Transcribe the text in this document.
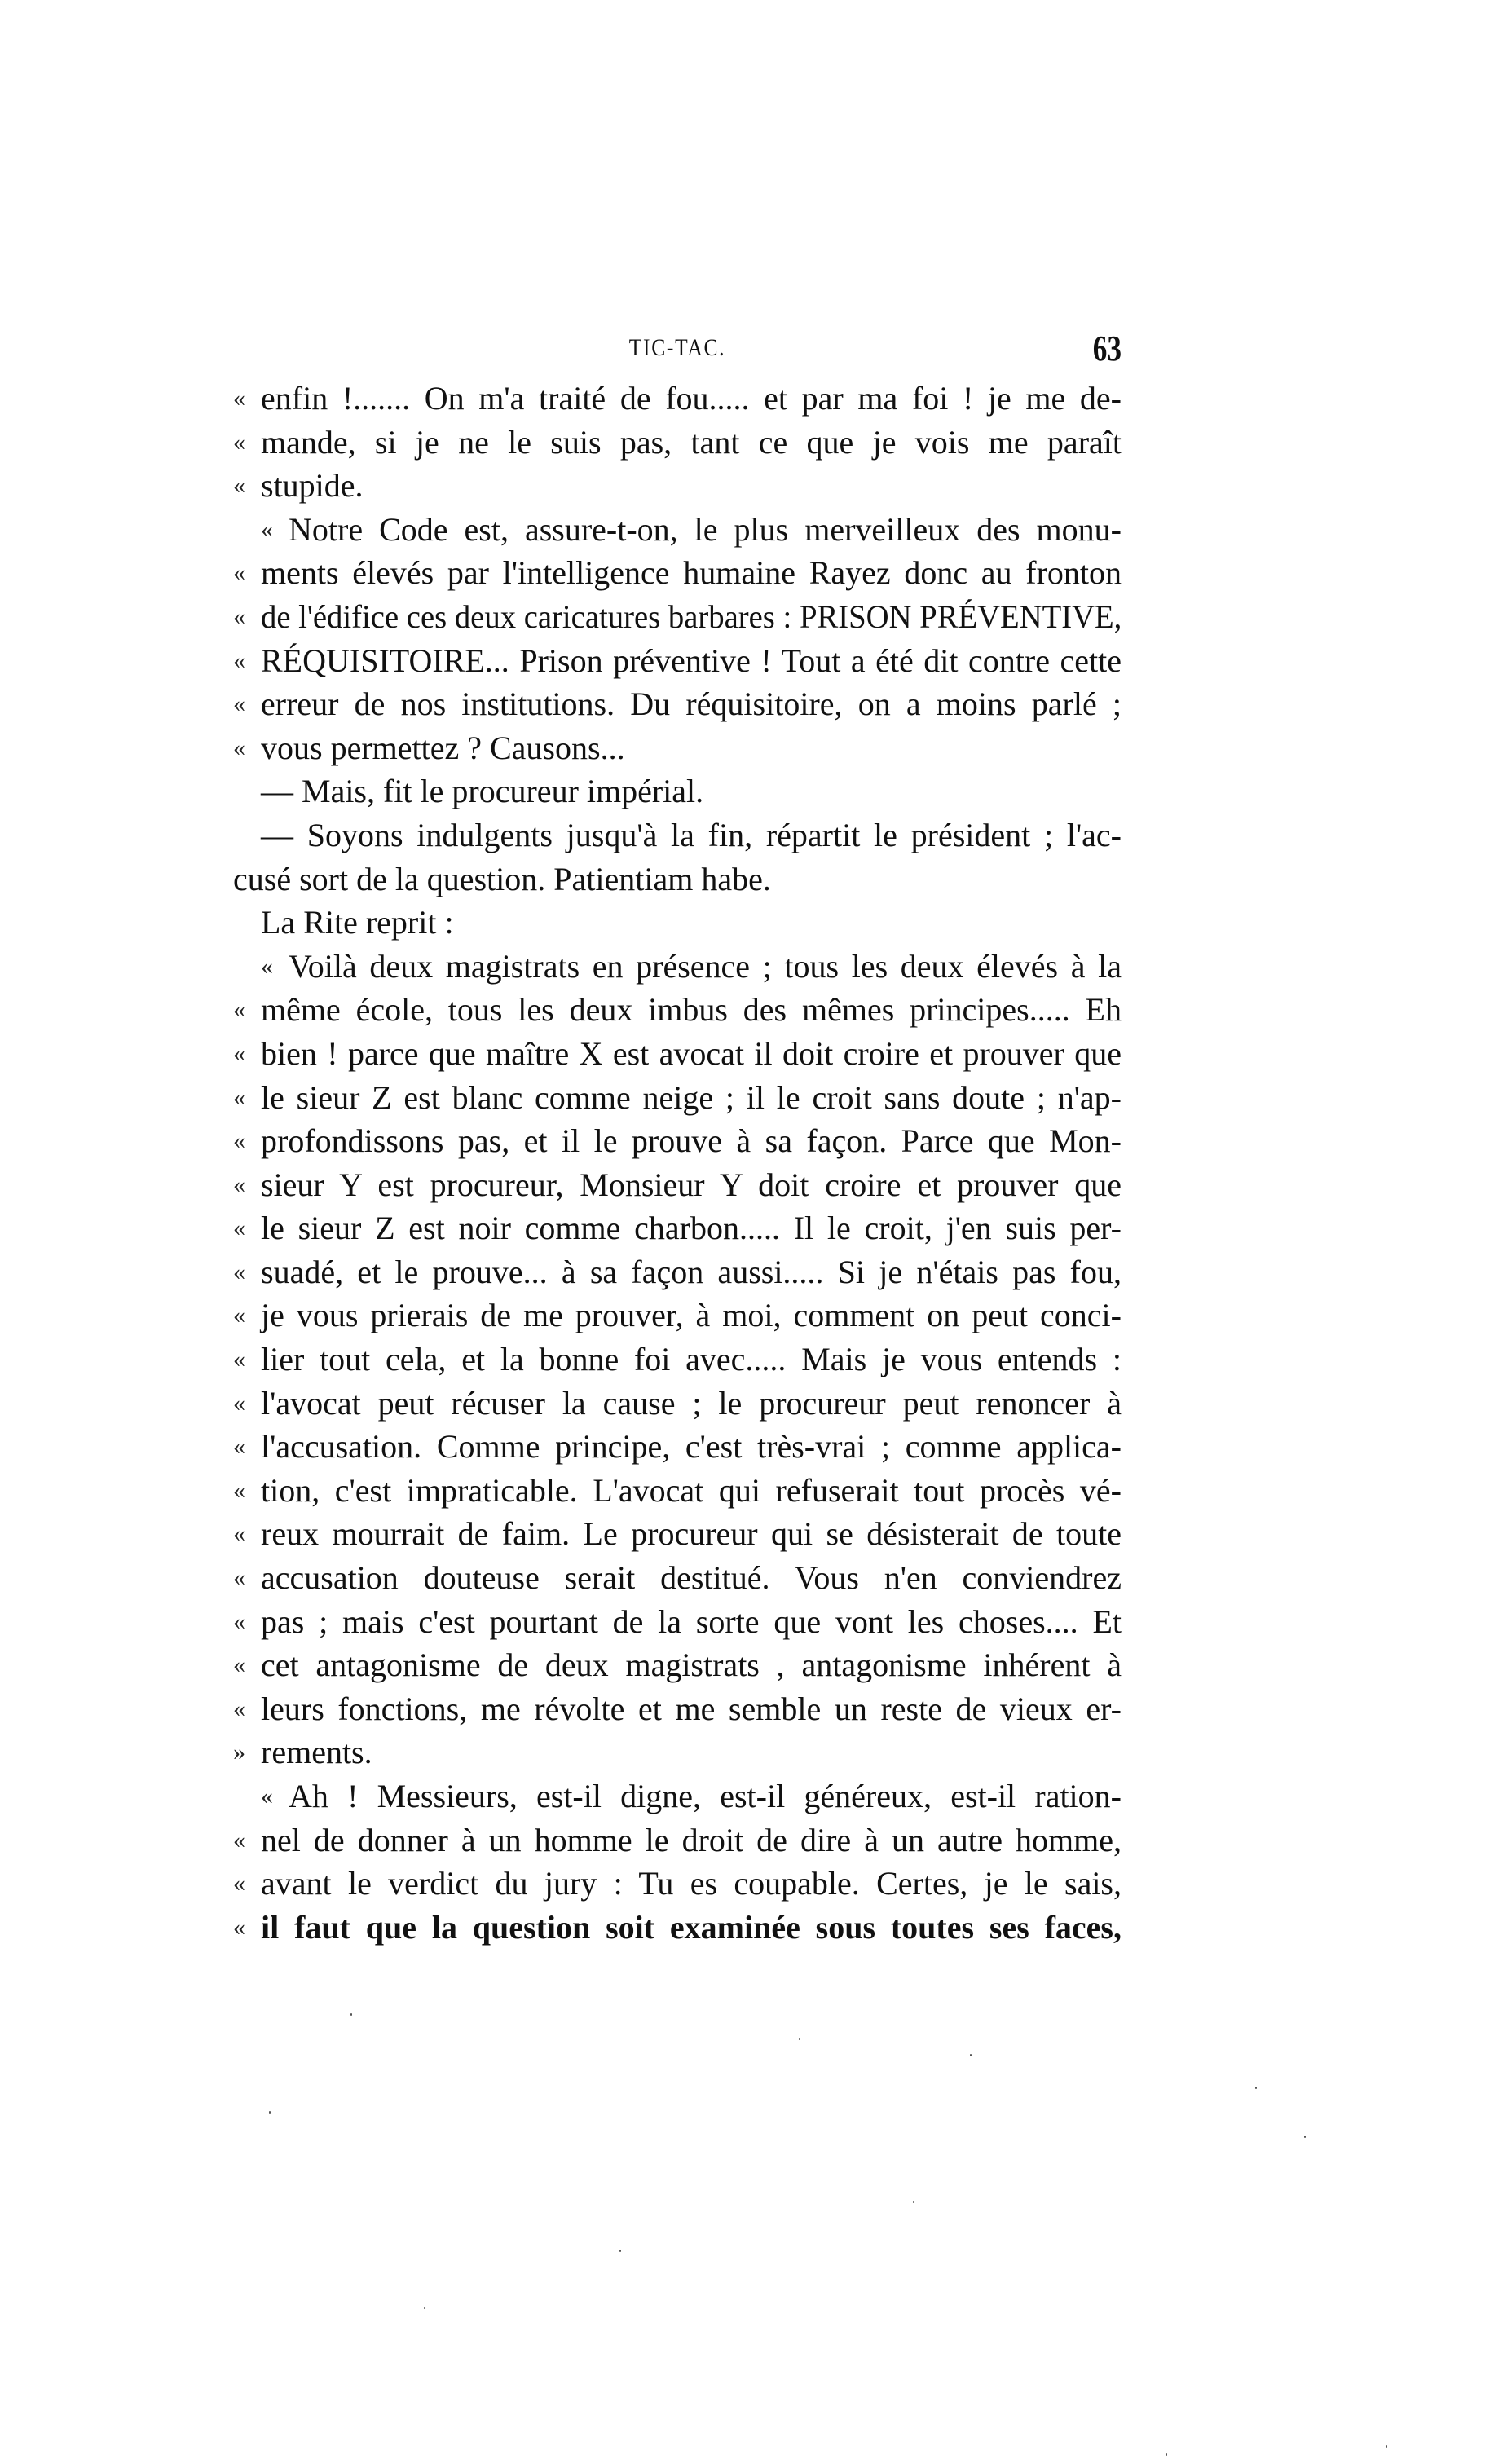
TIC-TAC.	63
« enfin !....... On m'a traité de fou..... et par ma foi ! je me de-
« mande, si je ne le suis pas, tant ce que je vois me paraît
« stupide.
« Notre Code est, assure-t-on, le plus merveilleux des monu-
« ments élevés par l'intelligence humaine Rayez donc au fronton
« de l'édifice ces deux caricatures barbares : PRISON PRÉVENTIVE,
« RÉQUISITOIRE... Prison préventive ! Tout a été dit contre cette
« erreur de nos institutions. Du réquisitoire, on a moins parlé ;
« vous permettez ? Causons...
— Mais, fit le procureur impérial.
— Soyons indulgents jusqu'à la fin, répartit le président ; l'ac-
cusé sort de la question. Patientiam habe.
La Rite reprit :
« Voilà deux magistrats en présence ; tous les deux élevés à la
« même école, tous les deux imbus des mêmes principes..... Eh
« bien ! parce que maître X est avocat il doit croire et prouver que
« le sieur Z est blanc comme neige ; il le croit sans doute ; n'ap-
« profondissons pas, et il le prouve à sa façon. Parce que Mon-
« sieur Y est procureur, Monsieur Y doit croire et prouver que
« le sieur Z est noir comme charbon..... Il le croit, j'en suis per-
« suadé, et le prouve... à sa façon aussi..... Si je n'étais pas fou,
« je vous prierais de me prouver, à moi, comment on peut conci-
« lier tout cela, et la bonne foi avec..... Mais je vous entends :
« l'avocat peut récuser la cause ; le procureur peut renoncer à
« l'accusation. Comme principe, c'est très-vrai ; comme applica-
« tion, c'est impraticable. L'avocat qui refuserait tout procès vé-
« reux mourrait de faim. Le procureur qui se désisterait de toute
« accusation douteuse serait destitué. Vous n'en conviendrez
« pas ; mais c'est pourtant de la sorte que vont les choses.... Et
« cet antagonisme de deux magistrats , antagonisme inhérent à
« leurs fonctions, me révolte et me semble un reste de vieux er-
» rements.
« Ah ! Messieurs, est-il digne, est-il généreux, est-il ration-
« nel de donner à un homme le droit de dire à un autre homme,
« avant le verdict du jury : Tu es coupable. Certes, je le sais,
« il faut que la question soit examinée sous toutes ses faces,
